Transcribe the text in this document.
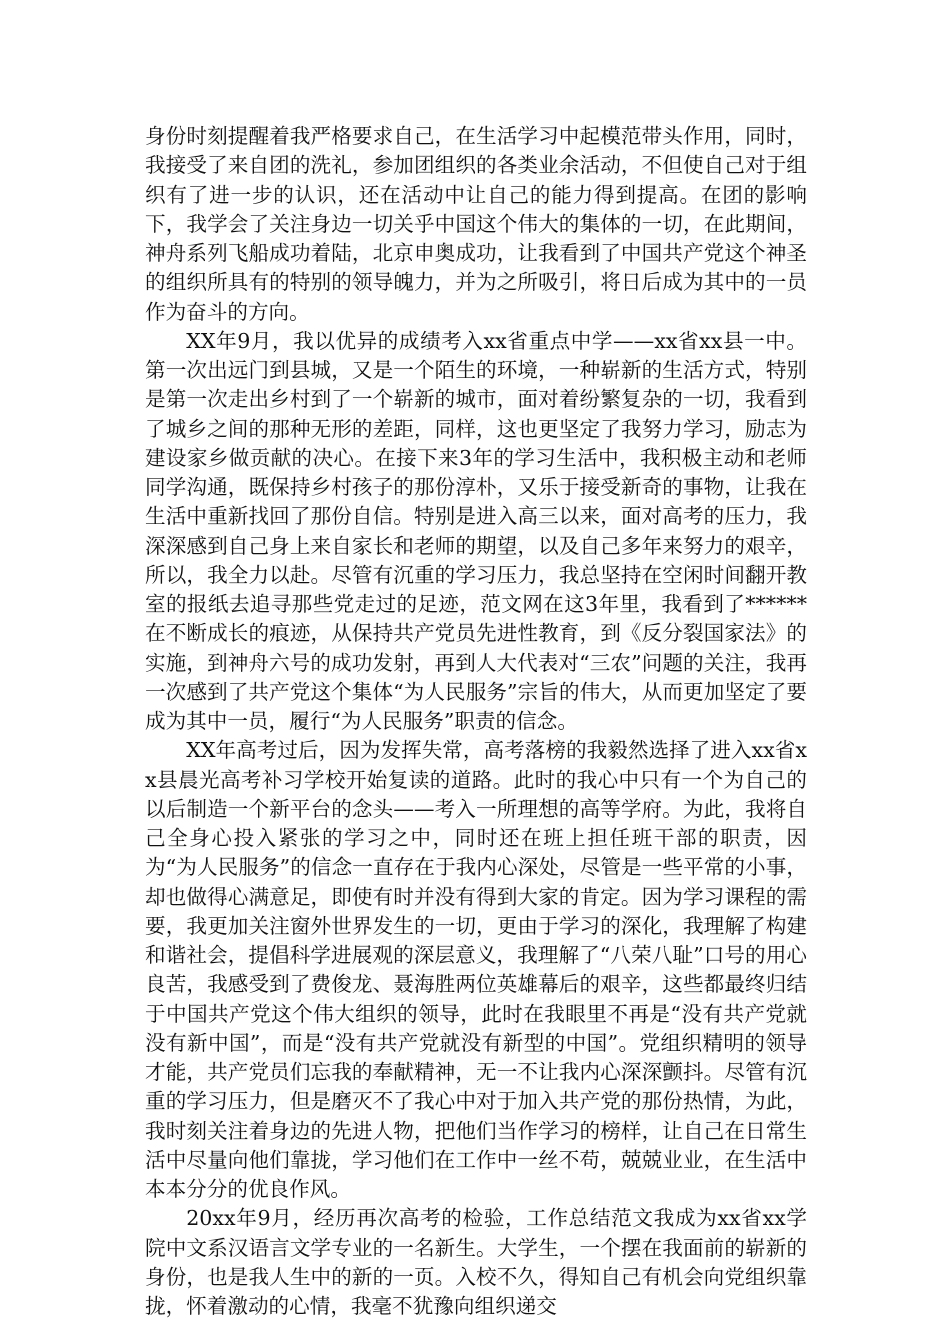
身份时刻提醒着我严格要求自己，在生活学习中起模范带头作用，同时，我接受了来自团的洗礼，参加团组织的各类业余活动，不但使自己对于组织有了进一步的认识，还在活动中让自己的能力得到提高。在团的影响下，我学会了关注身边一切关乎中国这个伟大的集体的一切，在此期间，神舟系列飞船成功着陆，北京申奥成功，让我看到了中国共产党这个神圣的组织所具有的特别的领导魄力，并为之所吸引，将日后成为其中的一员作为奋斗的方向。

XX年9月，我以优异的成绩考入xx省重点中学——xx省xx县一中。第一次出远门到县城，又是一个陌生的环境，一种崭新的生活方式，特别是第一次走出乡村到了一个崭新的城市，面对着纷繁复杂的一切，我看到了城乡之间的那种无形的差距，同样，这也更坚定了我努力学习，励志为建设家乡做贡献的决心。在接下来3年的学习生活中，我积极主动和老师同学沟通，既保持乡村孩子的那份淳朴，又乐于接受新奇的事物，让我在生活中重新找回了那份自信。特别是进入高三以来，面对高考的压力，我深深感到自己身上来自家长和老师的期望，以及自己多年来努力的艰辛，所以，我全力以赴。尽管有沉重的学习压力，我总坚持在空闲时间翻开教室的报纸去追寻那些党走过的足迹，范文网在这3年里，我看到了******在不断成长的痕迹，从保持共产党员先进性教育，到《反分裂国家法》的实施，到神舟六号的成功发射，再到人大代表对“三农”问题的关注，我再一次感到了共产党这个集体“为人民服务”宗旨的伟大，从而更加坚定了要成为其中一员，履行“为人民服务”职责的信念。

XX年高考过后，因为发挥失常，高考落榜的我毅然选择了进入xx省xx县晨光高考补习学校开始复读的道路。此时的我心中只有一个为自己的以后制造一个新平台的念头——考入一所理想的高等学府。为此，我将自己全身心投入紧张的学习之中，同时还在班上担任班干部的职责，因为“为人民服务”的信念一直存在于我内心深处，尽管是一些平常的小事，却也做得心满意足，即使有时并没有得到大家的肯定。因为学习课程的需要，我更加关注窗外世界发生的一切，更由于学习的深化，我理解了构建和谐社会，提倡科学进展观的深层意义，我理解了“八荣八耻”口号的用心良苦，我感受到了费俊龙、聂海胜两位英雄幕后的艰辛，这些都最终归结于中国共产党这个伟大组织的领导，此时在我眼里不再是“没有共产党就没有新中国”，而是“没有共产党就没有新型的中国”。党组织精明的领导才能，共产党员们忘我的奉献精神，无一不让我内心深深颤抖。尽管有沉重的学习压力，但是磨灭不了我心中对于加入共产党的那份热情，为此，我时刻关注着身边的先进人物，把他们当作学习的榜样，让自己在日常生活中尽量向他们靠拢，学习他们在工作中一丝不苟，兢兢业业，在生活中本本分分的优良作风。

20xx年9月，经历再次高考的检验，工作总结范文我成为xx省xx学院中文系汉语言文学专业的一名新生。大学生，一个摆在我面前的崭新的身份，也是我人生中的新的一页。入校不久，得知自己有机会向党组织靠拢，怀着激动的心情，我毫不犹豫向组织递交
